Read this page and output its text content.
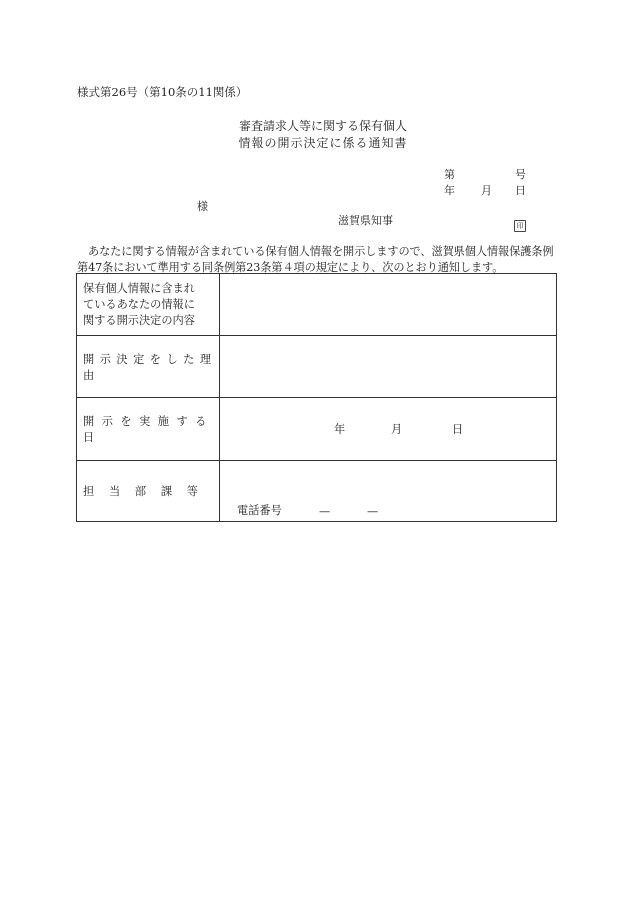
様式第26号（第10条の11関係）
審査請求人等に関する保有個人
情報の開示決定に係る通知書
第	号
年 月 日
様
滋賀県知事	印
あなたに関する情報が含まれている保有個人情報を開示しますので、滋賀県個人情報保護条例第47条において準用する同条例第23条第４項の規定により、次のとおり通知します。
保有個人情報に含まれ
ているあなたの情報に
関する開示決定の内容	

開示決定をした理由	
開示を実施する日	年 月 日

担 当 部 課 等	電話番号 — —
